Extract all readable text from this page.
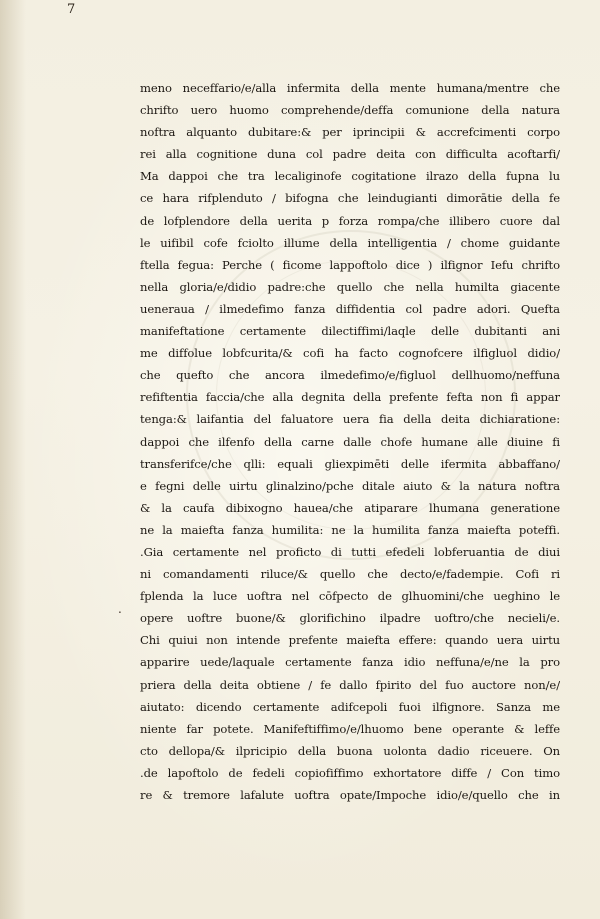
7
.
meno neceffario/e/alla infermita della mente humana/mentre che
chrifto uero huomo comprehende/deffa comunione della natura
noftra alquanto dubitare:& per iprincipii & accrefcimenti corpo
rei alla cognitione duna col padre deita con difficulta acoftarfi/
Ma dappoi che tra lecaliginofe cogitatione ilrazo della fupna lu
ce hara rifplenduto / bifogna che leindugianti dimorātie della fe
de lofplendore della uerita p forza rompa/che illibero cuore dal
le uifibil cofe fciolto illume della intelligentia / chome guidante
ftella fegua: Perche ( ficome lappoftolo dice ) ilfignor Iefu chrifto
nella gloria/e/didio padre:che quello che nella humilta giacente
ueneraua / ilmedefimo fanza diffidentia col padre adori. Quefta
manifeftatione certamente dilectiffimi/laqle delle dubitanti ani
me diffolue lobfcurita/& cofi ha facto cognofcere ilfigluol didio/
che quefto che ancora ilmedefimo/e/figluol dellhuomo/neffuna
refiftentia faccia/che alla degnita della prefente fefta non fi appar
tenga:& laifantia del faluatore uera fia della deita dichiaratione:
dappoi che ilfenfo della carne dalle chofe humane alle diuine fi
transferifce/che qlli: equali gliexpimēti delle ifermita abbaffano/
e fegni delle uirtu glinalzino/pche ditale aiuto & la natura noftra
& la caufa dibixogno hauea/che atiparare lhumana generatione
ne la maiefta fanza humilita: ne la humilita fanza maiefta poteffi.
.Gia certamente nel proficto di tutti efedeli lobferuantia de diui
ni comandamenti riluce/& quello che decto/e/fadempie. Cofi ri
fplenda la luce uoftra nel cōfpecto de glhuomini/che ueghino le
opere uoftre buone/& glorifichino ilpadre uoftro/che necieli/e.
Chi quiui non intende prefente maiefta effere: quando uera uirtu
apparire uede/laquale certamente fanza idio neffuna/e/ne la pro
priera della deita obtiene / fe dallo fpirito del fuo auctore non/e/
aiutato: dicendo certamente adifcepoli fuoi ilfignore. Sanza me
niente far potete. Manifeftiffimo/e/lhuomo bene operante & leffe
cto dellopa/& ilpricipio della buona uolonta dadio riceuere. On
.de lapoftolo de fedeli copiofiffimo exhortatore diffe / Con timo
re & tremore lafalute uoftra opate/Impoche idio/e/quello che in
